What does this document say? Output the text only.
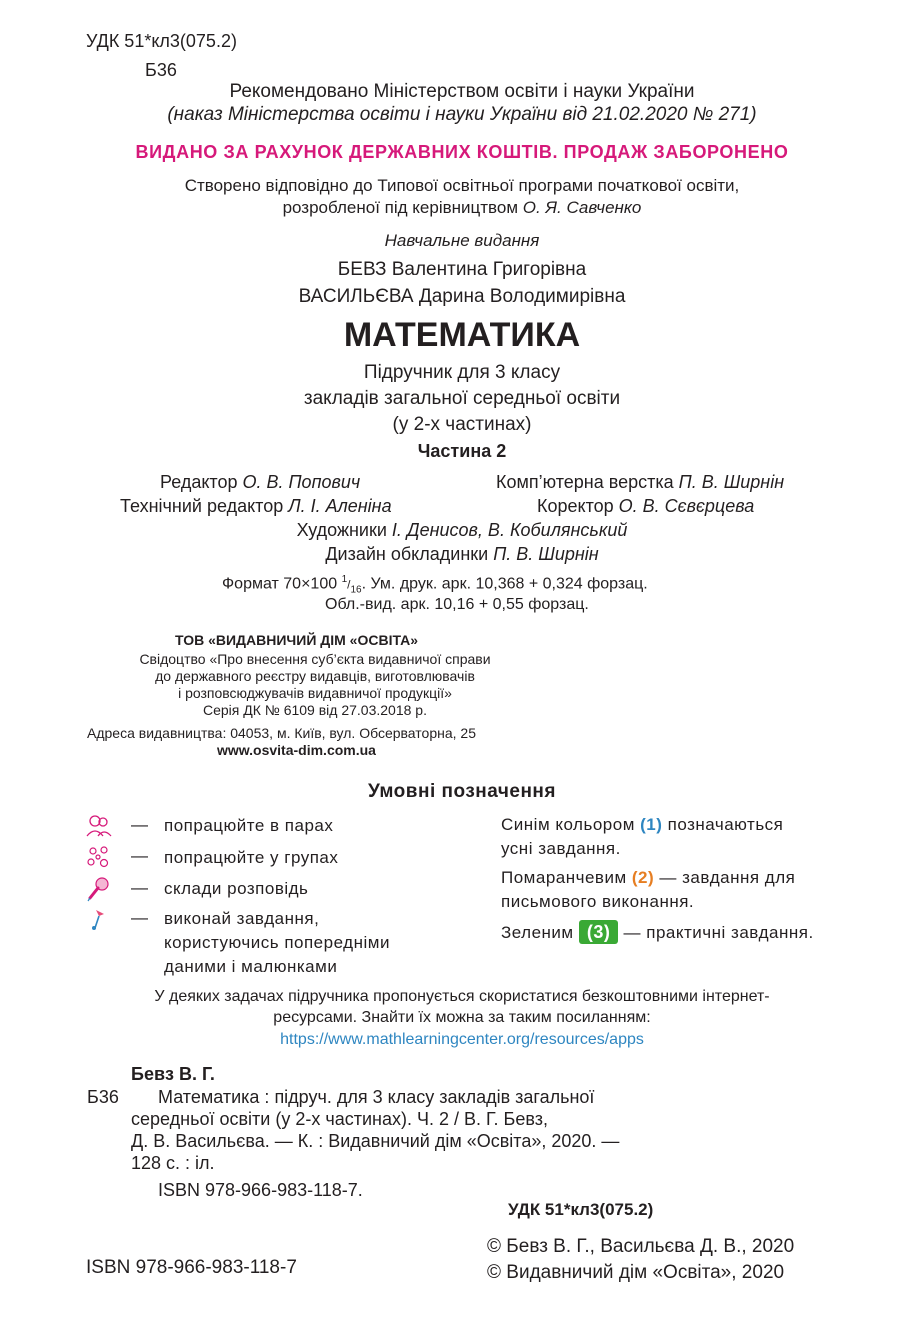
УДК 51*кл3(075.2)
Б36
Рекомендовано Міністерством освіти і науки України
(наказ Міністерства освіти і науки України від 21.02.2020 № 271)
ВИДАНО ЗА РАХУНОК ДЕРЖАВНИХ КОШТІВ. ПРОДАЖ ЗАБОРОНЕНО
Створено відповідно до Типової освітньої програми початкової освіти,
розробленої під керівництвом О. Я. Савченко
Навчальне видання
БЕВЗ Валентина Григорівна
ВАСИЛЬЄВА Дарина Володимирівна
МАТЕМАТИКА
Підручник для 3 класу
закладів загальної середньої освіти
(у 2-х частинах)
Частина 2
Редактор О. В. Попович	Комп’ютерна верстка П. В. Ширнін
Технічний редактор Л. І. Аленіна	Коректор О. В. Сєвєрцева
Художники І. Денисов, В. Кобилянський
Дизайн обкладинки П. В. Ширнін
Формат 70×100 $^1/_{16}$. Ум. друк. арк. 10,368 + 0,324 форзац.
Обл.-вид. арк. 10,16 + 0,55 форзац.
ТОВ «ВИДАВНИЧИЙ ДІМ «ОСВІТА»
Свідоцтво «Про внесення суб’єкта видавничої справи
до державного реєстру видавців, виготовлювачів
і розповсюджувачів видавничої продукції»
Серія ДК № 6109 від 27.03.2018 р.
Адреса видавництва: 04053, м. Київ, вул. Обсерваторна, 25
www.osvita-dim.com.ua
Умовні позначення
— попрацюйте в парах
— попрацюйте у групах
— склади розповідь
— виконай завдання,
користуючись попередніми
даними і малюнками
Синім кольором (1) позначаються
усні завдання.
Помаранчевим (2) — завдання для
письмового виконання.
Зеленим (3) — практичні завдання.
У деяких задачах підручника пропонується скористатися безкоштовними інтернет-
ресурсами. Знайти їх можна за таким посиланням:
https://www.mathlearningcenter.org/resources/apps
Бевз В. Г.
Б36 Математика : підруч. для 3 класу закладів загальної
середньої освіти (у 2-х частинах). Ч. 2 / В. Г. Бевз,
Д. В. Васильєва. — К. : Видавничий дім «Освіта», 2020. —
128 с. : іл.
ISBN 978-966-983-118-7.
УДК 51*кл3(075.2)
ISBN 978-966-983-118-7
© Бевз В. Г., Васильєва Д. В., 2020
© Видавничий дім «Освіта», 2020
